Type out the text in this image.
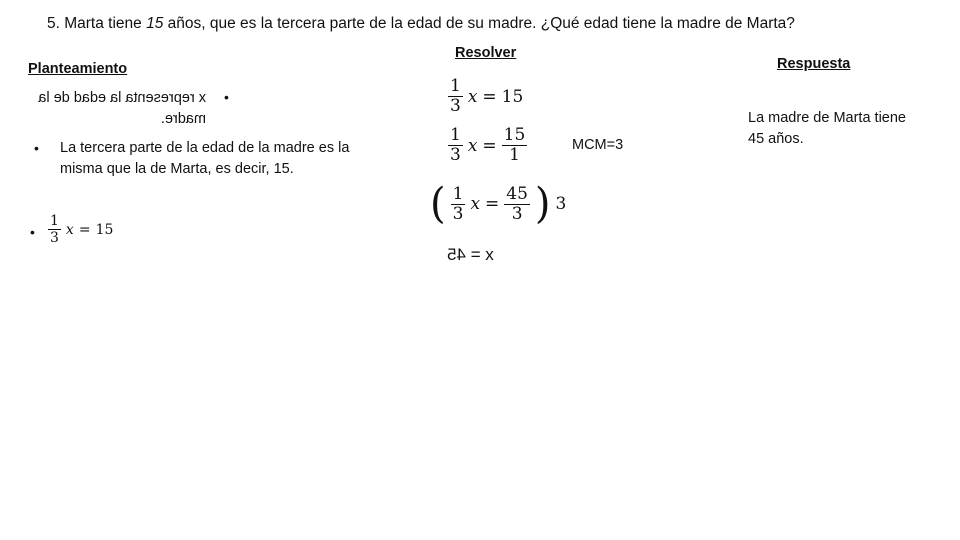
5. Marta tiene 15 años, que es la tercera parte de la edad de su madre. ¿Qué edad tiene la madre de Marta?
Planteamiento
Resolver
Respuesta
•
x representa la edad de la madre.
• La tercera parte de la edad de la madre es la misma que la de Marta, es decir, 15.
• $\frac{1}{3}$ x = 15
$\frac{1}{3}$ x = 15
$\frac{1}{3}$ $x = \frac{15}{1}$
( $\frac{1}{3}$ $x = \frac{45}{3}$ ) 3
x = 45
MCM=3
La madre de Marta tiene 45 años.
